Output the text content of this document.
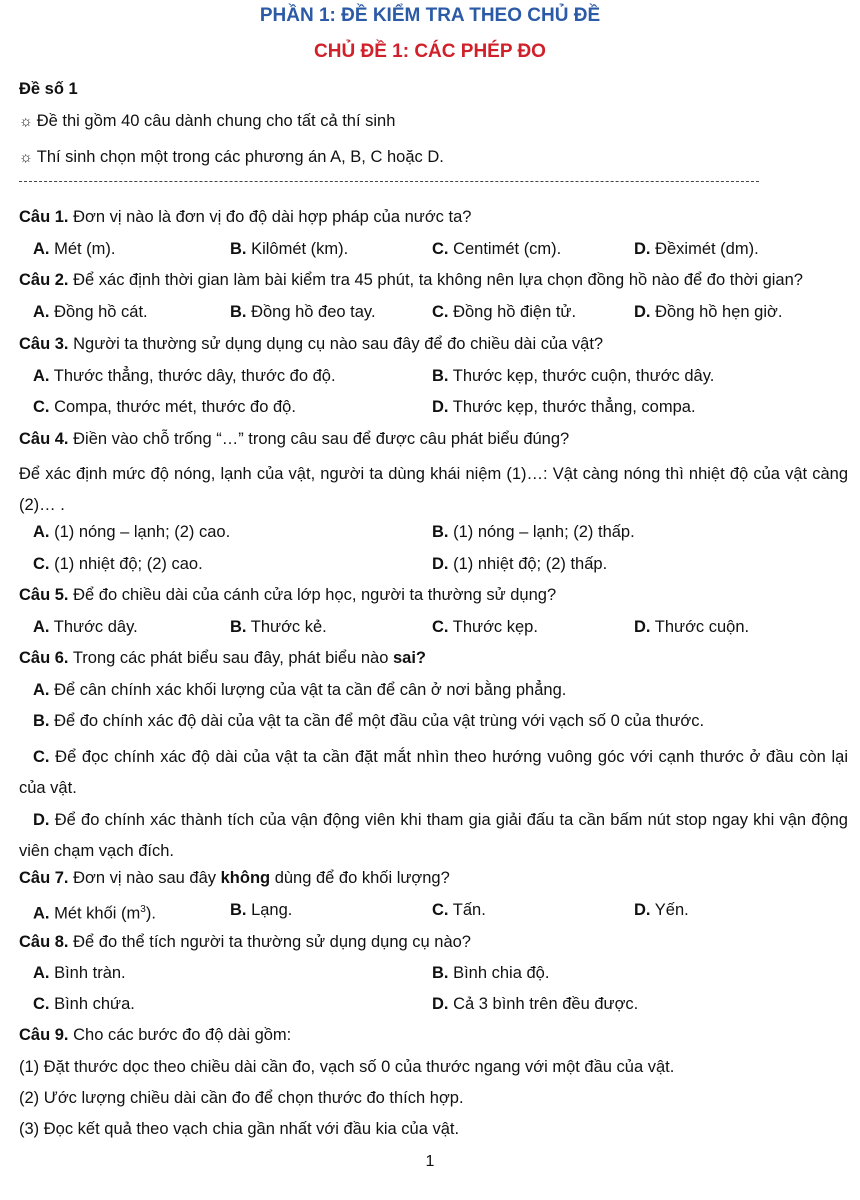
PHẦN 1: ĐỀ KIỂM TRA THEO CHỦ ĐỀ
CHỦ ĐỀ 1: CÁC PHÉP ĐO
Đề số 1
☼ Đề thi gồm 40 câu dành chung cho tất cả thí sinh
☼ Thí sinh chọn một trong các phương án A, B, C hoặc D.
Câu 1. Đơn vị nào là đơn vị đo độ dài hợp pháp của nước ta?
A. Mét (m).	B. Kilômét (km).	C. Centimét (cm).	D. Đềximét (dm).
Câu 2. Để xác định thời gian làm bài kiểm tra 45 phút, ta không nên lựa chọn đồng hồ nào để đo thời gian?
A. Đồng hồ cát.	B. Đồng hồ đeo tay.	C. Đồng hồ điện tử.	D. Đồng hồ hẹn giờ.
Câu 3. Người ta thường sử dụng dụng cụ nào sau đây để đo chiều dài của vật?
A. Thước thẳng, thước dây, thước đo độ.	B. Thước kẹp, thước cuộn, thước dây.
C. Compa, thước mét, thước đo độ.	D. Thước kẹp, thước thẳng, compa.
Câu 4. Điền vào chỗ trống “…” trong câu sau để được câu phát biểu đúng?
Để xác định mức độ nóng, lạnh của vật, người ta dùng khái niệm (1)…: Vật càng nóng thì nhiệt độ của vật càng (2)… .
A. (1) nóng – lạnh; (2) cao.	B. (1) nóng – lạnh; (2) thấp.
C. (1) nhiệt độ; (2) cao.	D. (1) nhiệt độ; (2) thấp.
Câu 5. Để đo chiều dài của cánh cửa lớp học, người ta thường sử dụng?
A. Thước dây.	B. Thước kẻ.	C. Thước kẹp.	D. Thước cuộn.
Câu 6. Trong các phát biểu sau đây, phát biểu nào sai?
A. Để cân chính xác khối lượng của vật ta cần để cân ở nơi bằng phẳng.
B. Để đo chính xác độ dài của vật ta cần để một đầu của vật trùng với vạch số 0 của thước.
C. Để đọc chính xác độ dài của vật ta cần đặt mắt nhìn theo hướng vuông góc với cạnh thước ở đầu còn lại của vật.
D. Để đo chính xác thành tích của vận động viên khi tham gia giải đấu ta cần bấm nút stop ngay khi vận động viên chạm vạch đích.
Câu 7. Đơn vị nào sau đây không dùng để đo khối lượng?
A. Mét khối $(m^3)$.	B. Lạng.	C. Tấn.	D. Yến.
Câu 8. Để đo thể tích người ta thường sử dụng dụng cụ nào?
A. Bình tràn.	B. Bình chia độ.
C. Bình chứa.	D. Cả 3 bình trên đều được.
Câu 9. Cho các bước đo độ dài gồm:
(1) Đặt thước dọc theo chiều dài cần đo, vạch số 0 của thước ngang với một đầu của vật.
(2) Ước lượng chiều dài cần đo để chọn thước đo thích hợp.
(3) Đọc kết quả theo vạch chia gần nhất với đầu kia của vật.
1
